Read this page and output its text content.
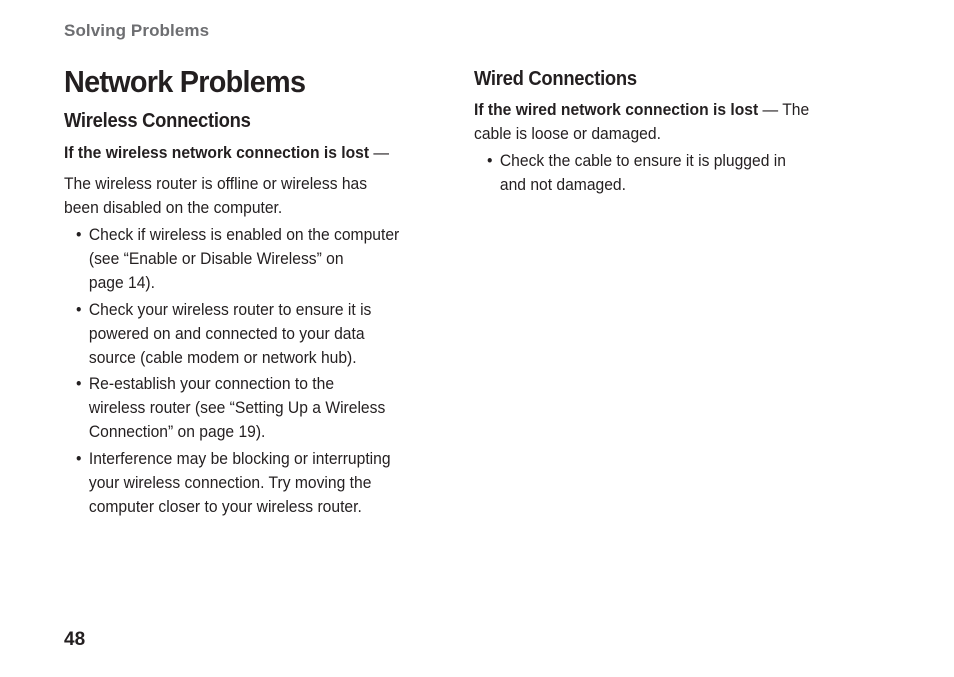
Solving Problems
Network Problems
Wireless Connections
If the wireless network connection is lost —
The wireless router is offline or wireless has
been disabled on the computer.
• Check if wireless is enabled on the computer
(see “Enable or Disable Wireless” on
page 14).
• Check your wireless router to ensure it is
powered on and connected to your data
source (cable modem or network hub).
• Re-establish your connection to the
wireless router (see “Setting Up a Wireless
Connection” on page 19).
• Interference may be blocking or interrupting
your wireless connection. Try moving the
computer closer to your wireless router.
Wired Connections
If the wired network connection is lost — The
cable is loose or damaged.
• Check the cable to ensure it is plugged in
and not damaged.
48
